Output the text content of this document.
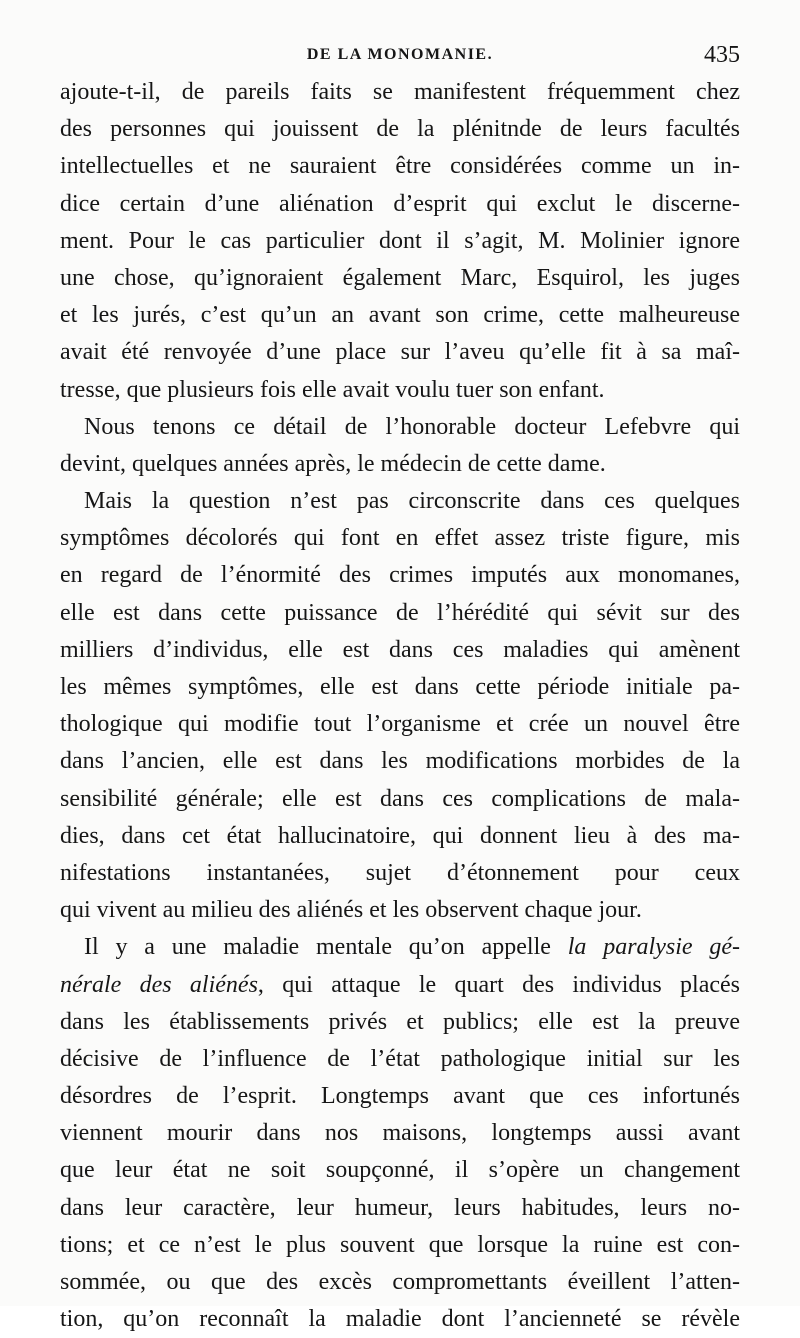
DE LA MONOMANIE.	435
ajoute-t-il, de pareils faits se manifestent fréquemment chez
des personnes qui jouissent de la plénitnde de leurs facultés
intellectuelles et ne sauraient être considérées comme un in-
dice certain d’une aliénation d’esprit qui exclut le discerne-
ment. Pour le cas particulier dont il s’agit, M. Molinier ignore
une chose, qu’ignoraient également Marc, Esquirol, les juges
et les jurés, c’est qu’un an avant son crime, cette malheureuse
avait été renvoyée d’une place sur l’aveu qu’elle fit à sa maî-
tresse, que plusieurs fois elle avait voulu tuer son enfant.
Nous tenons ce détail de l’honorable docteur Lefebvre qui
devint, quelques années après, le médecin de cette dame.
Mais la question n’est pas circonscrite dans ces quelques
symptômes décolorés qui font en effet assez triste figure, mis
en regard de l’énormité des crimes imputés aux monomanes,
elle est dans cette puissance de l’hérédité qui sévit sur des
milliers d’individus, elle est dans ces maladies qui amènent
les mêmes symptômes, elle est dans cette période initiale pa-
thologique qui modifie tout l’organisme et crée un nouvel être
dans l’ancien, elle est dans les modifications morbides de la
sensibilité générale; elle est dans ces complications de mala-
dies, dans cet état hallucinatoire, qui donnent lieu à des ma-
nifestations instantanées, sujet d’étonnement pour ceux
qui vivent au milieu des aliénés et les observent chaque jour.
Il y a une maladie mentale qu’on appelle la paralysie gé-
nérale des aliénés, qui attaque le quart des individus placés
dans les établissements privés et publics; elle est la preuve
décisive de l’influence de l’état pathologique initial sur les
désordres de l’esprit. Longtemps avant que ces infortunés
viennent mourir dans nos maisons, longtemps aussi avant
que leur état ne soit soupçonné, il s’opère un changement
dans leur caractère, leur humeur, leurs habitudes, leurs no-
tions; et ce n’est le plus souvent que lorsque la ruine est con-
sommée, ou que des excès compromettants éveillent l’atten-
tion, qu’on reconnaît la maladie dont l’ancienneté se révèle
